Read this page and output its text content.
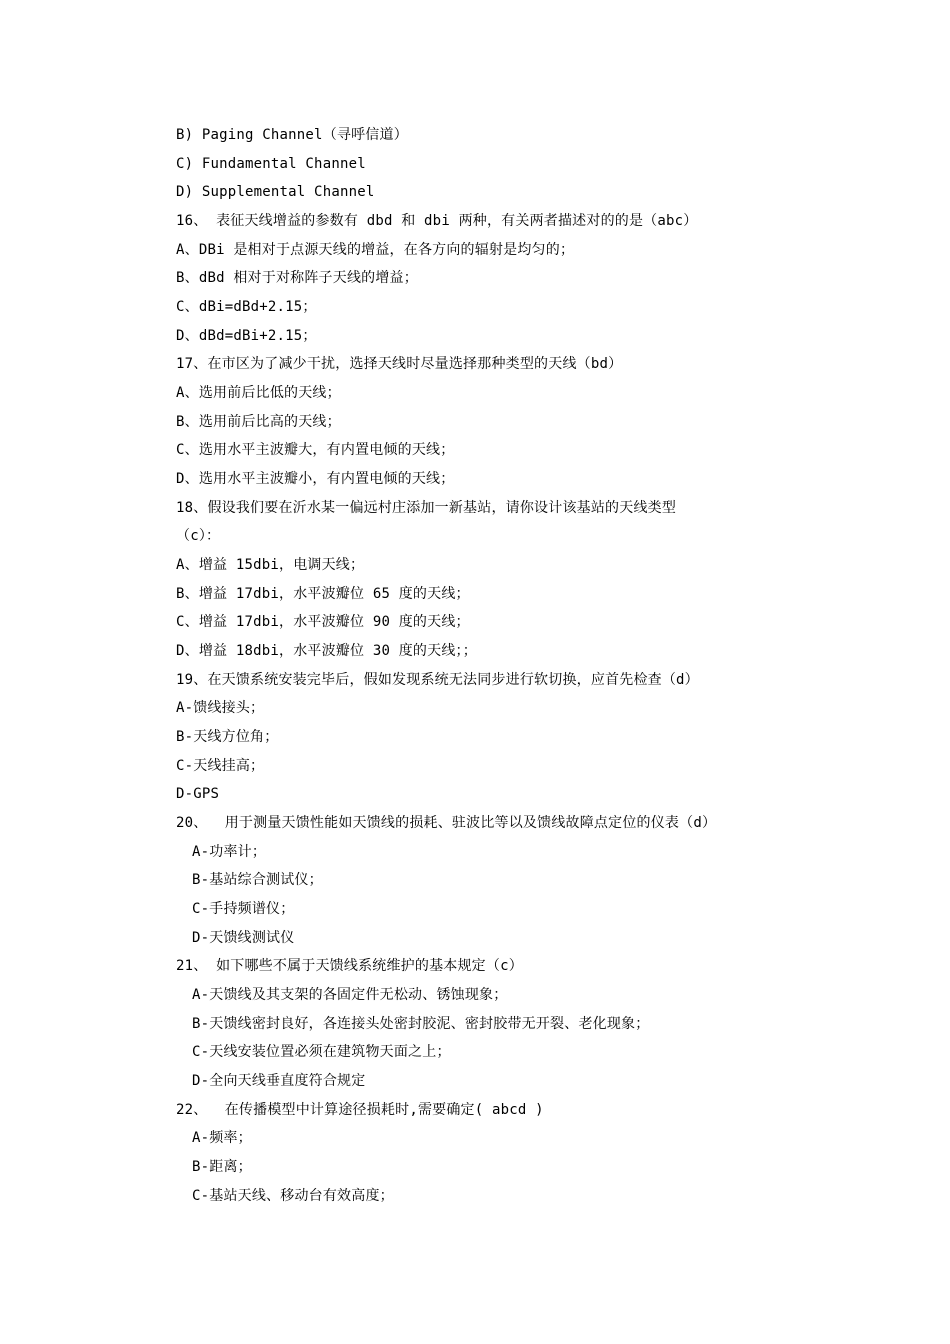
B) Paging Channel（寻呼信道）
C) Fundamental Channel
D) Supplemental Channel
16、 表征天线增益的参数有 dbd 和 dbi 两种，有关两者描述对的的是（abc）
A、DBi 是相对于点源天线的增益，在各方向的辐射是均匀的；
B、dBd 相对于对称阵子天线的增益；
C、dBi=dBd+2.15；
D、dBd=dBi+2.15；
17、在市区为了减少干扰，选择天线时尽量选择那种类型的天线（bd）
A、选用前后比低的天线；
B、选用前后比高的天线；
C、选用水平主波瓣大，有内置电倾的天线；
D、选用水平主波瓣小，有内置电倾的天线；
18、假设我们要在沂水某一偏远村庄添加一新基站，请你设计该基站的天线类型
（c）：
A、增益 15dbi，电调天线；
B、增益 17dbi，水平波瓣位 65 度的天线；
C、增益 17dbi，水平波瓣位 90 度的天线；
D、增益 18dbi，水平波瓣位 30 度的天线；；
19、在天馈系统安装完毕后，假如发现系统无法同步进行软切换，应首先检查（d）
A-馈线接头；
B-天线方位角；
C-天线挂高；
D-GPS
20、  用于测量天馈性能如天馈线的损耗、驻波比等以及馈线故障点定位的仪表（d）
A-功率计；
B-基站综合测试仪；
C-手持频谱仪；
D-天馈线测试仪
21、 如下哪些不属于天馈线系统维护的基本规定（c）
A-天馈线及其支架的各固定件无松动、锈蚀现象；
B-天馈线密封良好，各连接头处密封胶泥、密封胶带无开裂、老化现象；
C-天线安装位置必须在建筑物天面之上；
D-全向天线垂直度符合规定
22、  在传播模型中计算途径损耗时,需要确定( abcd )
A-频率；
B-距离；
C-基站天线、移动台有效高度；
